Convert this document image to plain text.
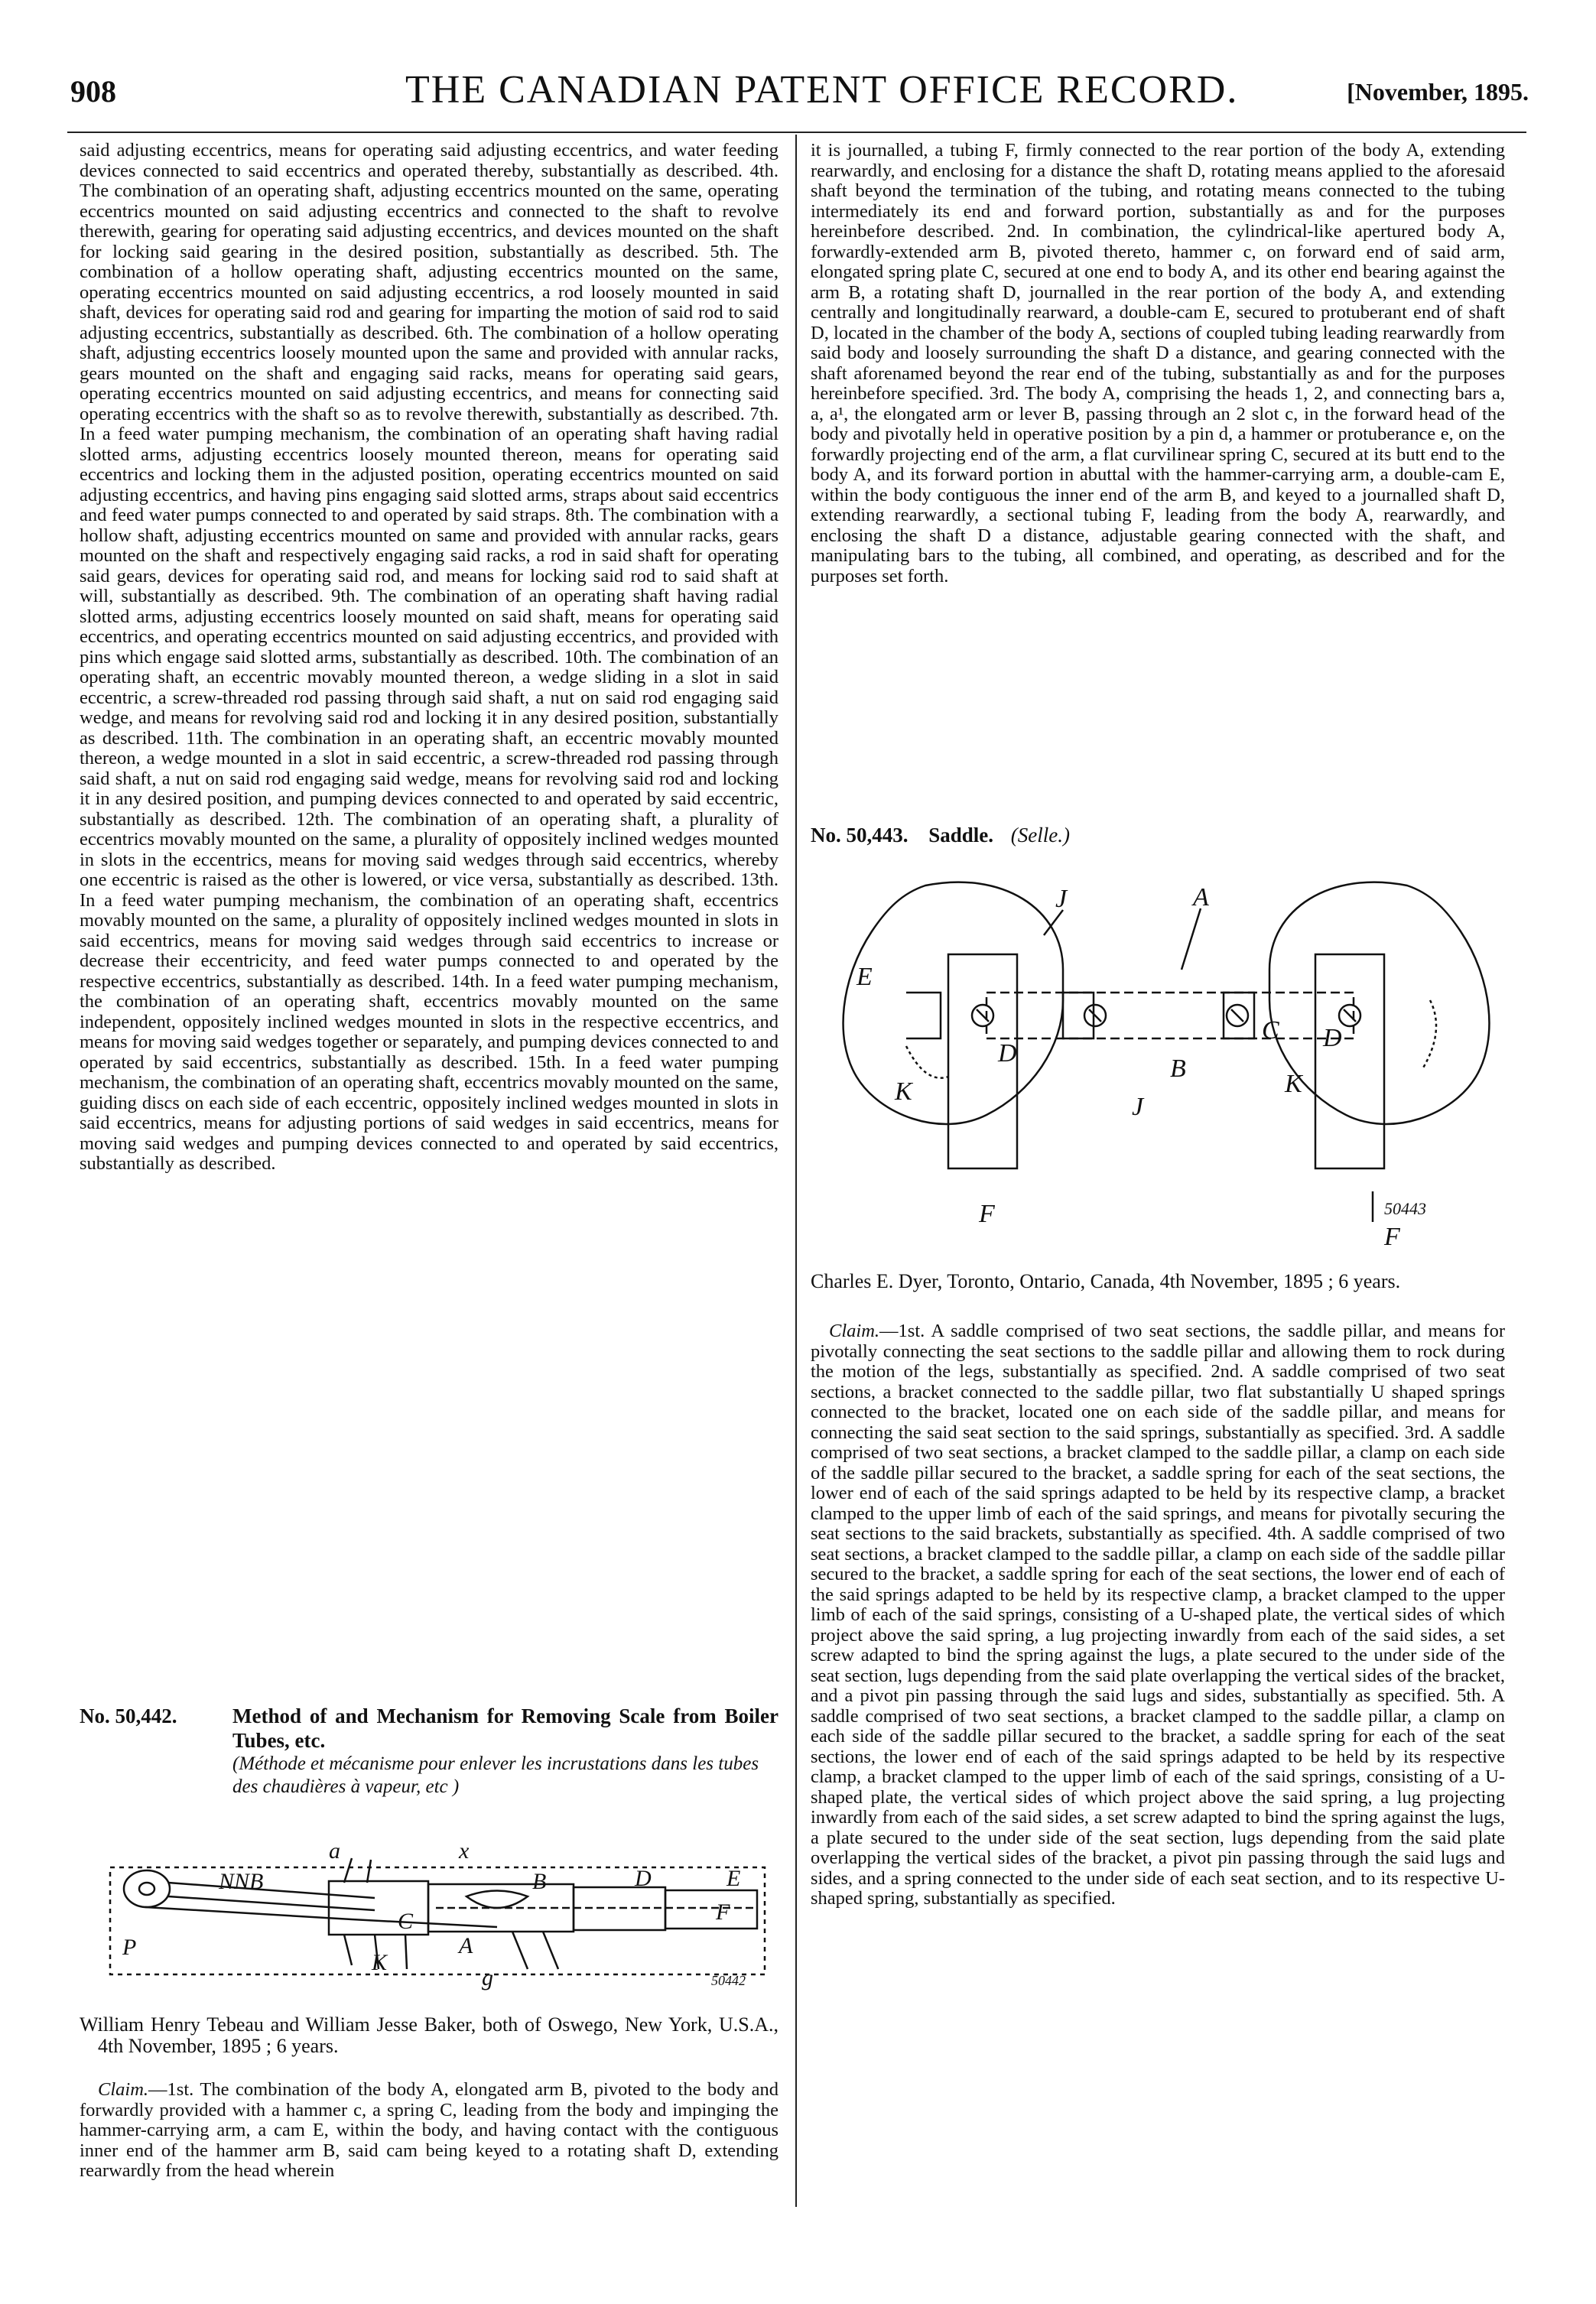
908	THE CANADIAN PATENT OFFICE RECORD.	[November, 1895.

said adjusting eccentrics, means for operating said adjusting eccentrics, and water feeding devices connected to said eccentrics and operated thereby, substantially as described. 4th. The combination of an operating shaft, adjusting eccentrics mounted on the same, operating eccentrics mounted on said adjusting eccentrics and connected to the shaft to revolve therewith, gearing for operating said adjusting eccentrics, and devices mounted on the shaft for locking said gearing in the desired position, substantially as described. 5th. The combination of a hollow operating shaft, adjusting eccentrics mounted on the same, operating eccentrics mounted on said adjusting eccentrics, a rod loosely mounted in said shaft, devices for operating said rod and gearing for imparting the motion of said rod to said adjusting eccentrics, substantially as described. 6th. The combination of a hollow operating shaft, adjusting eccentrics loosely mounted upon the same and provided with annular racks, gears mounted on the shaft and engaging said racks, means for operating said gears, operating eccentrics mounted on said adjusting eccentrics, and means for connecting said operating eccentrics with the shaft so as to revolve therewith, substantially as described. 7th. In a feed water pumping mechanism, the combination of an operating shaft having radial slotted arms, adjusting eccentrics loosely mounted thereon, means for operating said eccentrics and locking them in the adjusted position, operating eccentrics mounted on said adjusting eccentrics, and having pins engaging said slotted arms, straps about said eccentrics and feed water pumps connected to and operated by said straps. 8th. The combination with a hollow shaft, adjusting eccentrics mounted on same and provided with annular racks, gears mounted on the shaft and respectively engaging said racks, a rod in said shaft for operating said gears, devices for operating said rod, and means for locking said rod to said shaft at will, substantially as described. 9th. The combination of an operating shaft having radial slotted arms, adjusting eccentrics loosely mounted on said shaft, means for operating said eccentrics, and operating eccentrics mounted on said adjusting eccentrics, and provided with pins which engage said slotted arms, substantially as described. 10th. The combination of an operating shaft, an eccentric movably mounted thereon, a wedge sliding in a slot in said eccentric, a screw-threaded rod passing through said shaft, a nut on said rod engaging said wedge, and means for revolving said rod and locking it in any desired position, substantially as described. 11th. The combination in an operating shaft, an eccentric movably mounted thereon, a wedge mounted in a slot in said eccentric, a screw-threaded rod passing through said shaft, a nut on said rod engaging said wedge, means for revolving said rod and locking it in any desired position, and pumping devices connected to and operated by said eccentric, substantially as described. 12th. The combination of an operating shaft, a plurality of eccentrics movably mounted on the same, a plurality of oppositely inclined wedges mounted in slots in the eccentrics, means for moving said wedges through said eccentrics, whereby one eccentric is raised as the other is lowered, or vice versa, substantially as described. 13th. In a feed water pumping mechanism, the combination of an operating shaft, eccentrics movably mounted on the same, a plurality of oppositely inclined wedges mounted in slots in said eccentrics, means for moving said wedges through said eccentrics to increase or decrease their eccentricity, and feed water pumps connected to and operated by the respective eccentrics, substantially as described. 14th. In a feed water pumping mechanism, the combination of an operating shaft, eccentrics movably mounted on the same independent, oppositely inclined wedges mounted in slots in the respective eccentrics, and means for moving said wedges together or separately, and pumping devices connected to and operated by said eccentrics, substantially as described. 15th. In a feed water pumping mechanism, the combination of an operating shaft, eccentrics movably mounted on the same, guiding discs on each side of each eccentric, oppositely inclined wedges mounted in slots in said eccentrics, means for adjusting portions of said wedges in said eccentrics, means for moving said wedges and pumping devices connected to and operated by said eccentrics, substantially as described.

No. 50,442.	Method of and Mechanism for Removing Scale from Boiler Tubes, etc.
(Méthode et mécanisme pour enlever les incrustations dans les tubes des chaudières à vapeur, etc )
NNB
P	A
C
B	D	E
F
K
g
a	x
50442

William Henry Tebeau and William Jesse Baker, both of Oswego, New York, U.S.A., 4th November, 1895 ; 6 years.

Claim.—1st. The combination of the body A, elongated arm B, pivoted to the body and forwardly provided with a hammer c, a spring C, leading from the body and impinging the hammer-carrying arm, a cam E, within the body, and having contact with the contiguous inner end of the hammer arm B, said cam being keyed to a rotating shaft D, extending rearwardly from the head wherein

it is journalled, a tubing F, firmly connected to the rear portion of the body A, extending rearwardly, and enclosing for a distance the shaft D, rotating means applied to the aforesaid shaft beyond the termination of the tubing, and rotating means connected to the tubing intermediately its end and forward portion, substantially as and for the purposes hereinbefore described. 2nd. In combination, the cylindrical-like apertured body A, forwardly-extended arm B, pivoted thereto, hammer c, on forward end of said arm, elongated spring plate C, secured at one end to body A, and its other end bearing against the arm B, a rotating shaft D, journalled in the rear portion of the body A, and extending centrally and longitudinally rearward, a double-cam E, secured to protuberant end of shaft D, located in the chamber of the body A, sections of coupled tubing leading rearwardly from said body and loosely surrounding the shaft D a distance, and gearing connected with the shaft aforenamed beyond the rear end of the tubing, substantially as and for the purposes hereinbefore specified. 3rd. The body A, comprising the heads 1, 2, and connecting bars a, a, a¹, the elongated arm or lever B, passing through an 2 slot c, in the forward head of the body and pivotally held in operative position by a pin d, a hammer or protuberance e, on the forwardly projecting end of the arm, a flat curvilinear spring C, secured at its butt end to the body A, and its forward portion in abuttal with the hammer-carrying arm, a double-cam E, within the body contiguous the inner end of the arm B, and keyed to a journalled shaft D, extending rearwardly, a sectional tubing F, leading from the body A, rearwardly, and enclosing the shaft D a distance, adjustable gearing connected with the shaft, and manipulating bars to the tubing, all combined, and operating, as described and for the purposes set forth.

No. 50,443. Saddle. (Selle.)
J	A
E
D
C
B
K
F
J
K
D
F
50443

Charles E. Dyer, Toronto, Ontario, Canada, 4th November, 1895 ; 6 years.

Claim.—1st. A saddle comprised of two seat sections, the saddle pillar, and means for pivotally connecting the seat sections to the saddle pillar and allowing them to rock during the motion of the legs, substantially as specified. 2nd. A saddle comprised of two seat sections, a bracket connected to the saddle pillar, two flat substantially U shaped springs connected to the bracket, located one on each side of the saddle pillar, and means for connecting the said seat section to the said springs, substantially as specified. 3rd. A saddle comprised of two seat sections, a bracket clamped to the saddle pillar, a clamp on each side of the saddle pillar secured to the bracket, a saddle spring for each of the seat sections, the lower end of each of the said springs adapted to be held by its respective clamp, a bracket clamped to the upper limb of each of the said springs, and means for pivotally securing the seat sections to the said brackets, substantially as specified. 4th. A saddle comprised of two seat sections, a bracket clamped to the saddle pillar, a clamp on each side of the saddle pillar secured to the bracket, a saddle spring for each of the seat sections, the lower end of each of the said springs adapted to be held by its respective clamp, a bracket clamped to the upper limb of each of the said springs, consisting of a U-shaped plate, the vertical sides of which project above the said spring, a lug projecting inwardly from each of the said sides, a set screw adapted to bind the spring against the lugs, a plate secured to the under side of the seat section, lugs depending from the said plate overlapping the vertical sides of the bracket, and a pivot pin passing through the said lugs and sides, substantially as specified. 5th. A saddle comprised of two seat sections, a bracket clamped to the saddle pillar, a clamp on each side of the saddle pillar secured to the bracket, a saddle spring for each of the seat sections, the lower end of each of the said springs adapted to be held by its respective clamp, a bracket clamped to the upper limb of each of the said springs, consisting of a U-shaped plate, the vertical sides of which project above the said spring, a lug projecting inwardly from each of the said sides, a set screw adapted to bind the spring against the lugs, a plate secured to the under side of the seat section, lugs depending from the said plate overlapping the vertical sides of the bracket, a pivot pin passing through the said lugs and sides, and a spring connected to the under side of each seat section, and to its respective U-shaped spring, substantially as specified.
